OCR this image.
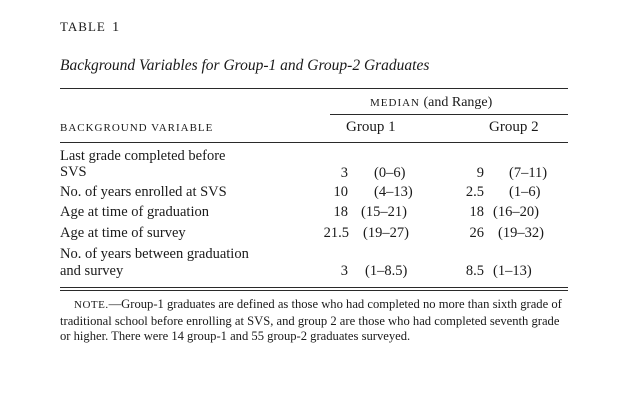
TABLE 1
Background Variables for Group-1 and Group-2 Graduates
MEDIAN (and Range)
BACKGROUND VARIABLE	Group 1	Group 2
Last grade completed before
SVS	3 (0–6)	9 (7–11)
No. of years enrolled at SVS	10 (4–13)	2.5 (1–6)
Age at time of graduation	18 (15–21)	18 (16–20)
Age at time of survey	21.5 (19–27)	26 (19–32)
No. of years between graduation
and survey	3 (1–8.5)	8.5 (1–13)
NOTE.—Group-1 graduates are defined as those who had completed no more than sixth grade of traditional school before enrolling at SVS, and group 2 are those who had completed seventh grade or higher. There were 14 group-1 and 55 group-2 graduates surveyed.
